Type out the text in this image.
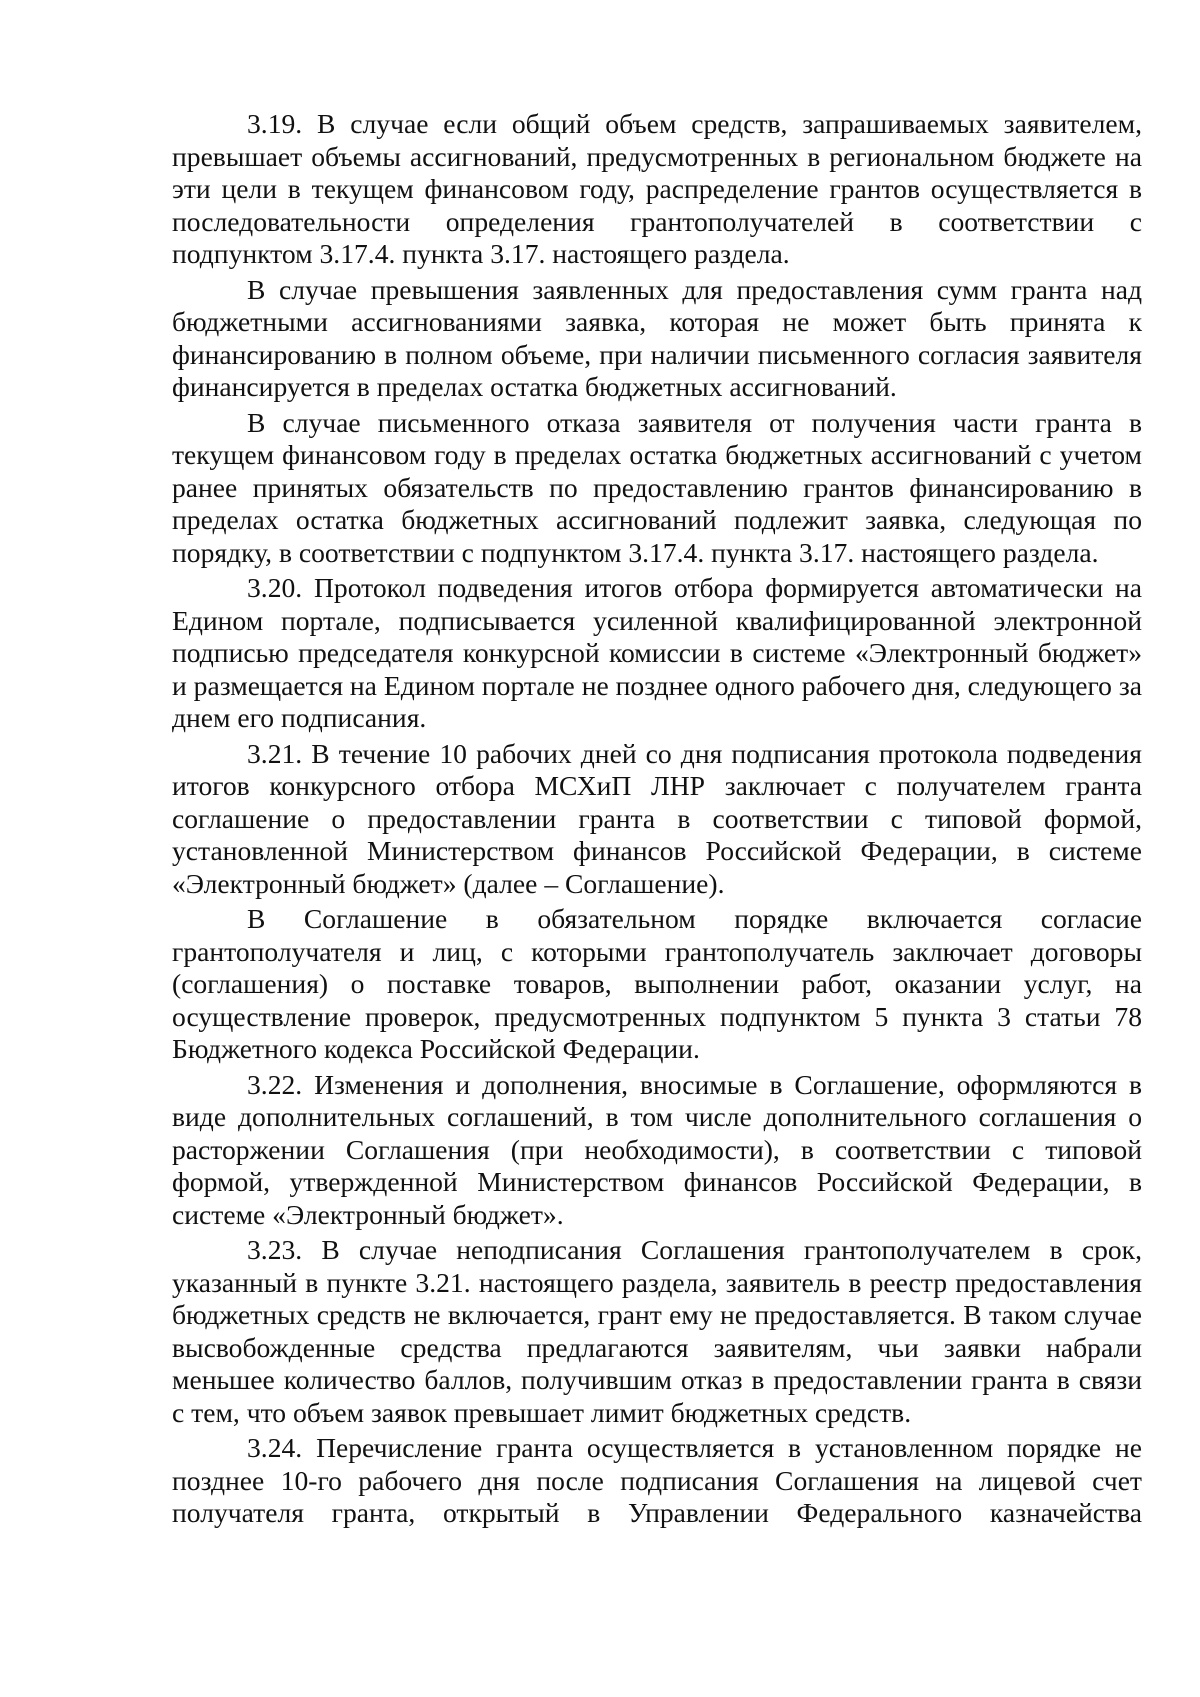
3.19. В случае если общий объем средств, запрашиваемых заявителем, превышает объемы ассигнований, предусмотренных в региональном бюджете на эти цели в текущем финансовом году, распределение грантов осуществляется в последовательности определения грантополучателей в соответствии с подпунктом 3.17.4. пункта 3.17. настоящего раздела.

В случае превышения заявленных для предоставления сумм гранта над бюджетными ассигнованиями заявка, которая не может быть принята к финансированию в полном объеме, при наличии письменного согласия заявителя финансируется в пределах остатка бюджетных ассигнований.

В случае письменного отказа заявителя от получения части гранта в текущем финансовом году в пределах остатка бюджетных ассигнований с учетом ранее принятых обязательств по предоставлению грантов финансированию в пределах остатка бюджетных ассигнований подлежит заявка, следующая по порядку, в соответствии с подпунктом 3.17.4. пункта 3.17. настоящего раздела.

3.20. Протокол подведения итогов отбора формируется автоматически на Едином портале, подписывается усиленной квалифицированной электронной подписью председателя конкурсной комиссии в системе «Электронный бюджет» и размещается на Едином портале не позднее одного рабочего дня, следующего за днем его подписания.

3.21. В течение 10 рабочих дней со дня подписания протокола подведения итогов конкурсного отбора МСХиП ЛНР заключает с получателем гранта соглашение о предоставлении гранта в соответствии с типовой формой, установленной Министерством финансов Российской Федерации, в системе «Электронный бюджет» (далее – Соглашение).

В Соглашение в обязательном порядке включается согласие грантополучателя и лиц, с которыми грантополучатель заключает договоры (соглашения) о поставке товаров, выполнении работ, оказании услуг, на осуществление проверок, предусмотренных подпунктом 5 пункта 3 статьи 78 Бюджетного кодекса Российской Федерации.

3.22. Изменения и дополнения, вносимые в Соглашение, оформляются в виде дополнительных соглашений, в том числе дополнительного соглашения о расторжении Соглашения (при необходимости), в соответствии с типовой формой, утвержденной Министерством финансов Российской Федерации, в системе «Электронный бюджет».

3.23. В случае неподписания Соглашения грантополучателем в срок, указанный в пункте 3.21. настоящего раздела, заявитель в реестр предоставления бюджетных средств не включается, грант ему не предоставляется. В таком случае высвобожденные средства предлагаются заявителям, чьи заявки набрали меньшее количество баллов, получившим отказ в предоставлении гранта в связи с тем, что объем заявок превышает лимит бюджетных средств.

3.24. Перечисление гранта осуществляется в установленном порядке не позднее 10-го рабочего дня после подписания Соглашения на лицевой счет получателя гранта, открытый в Управлении Федерального казначейства
